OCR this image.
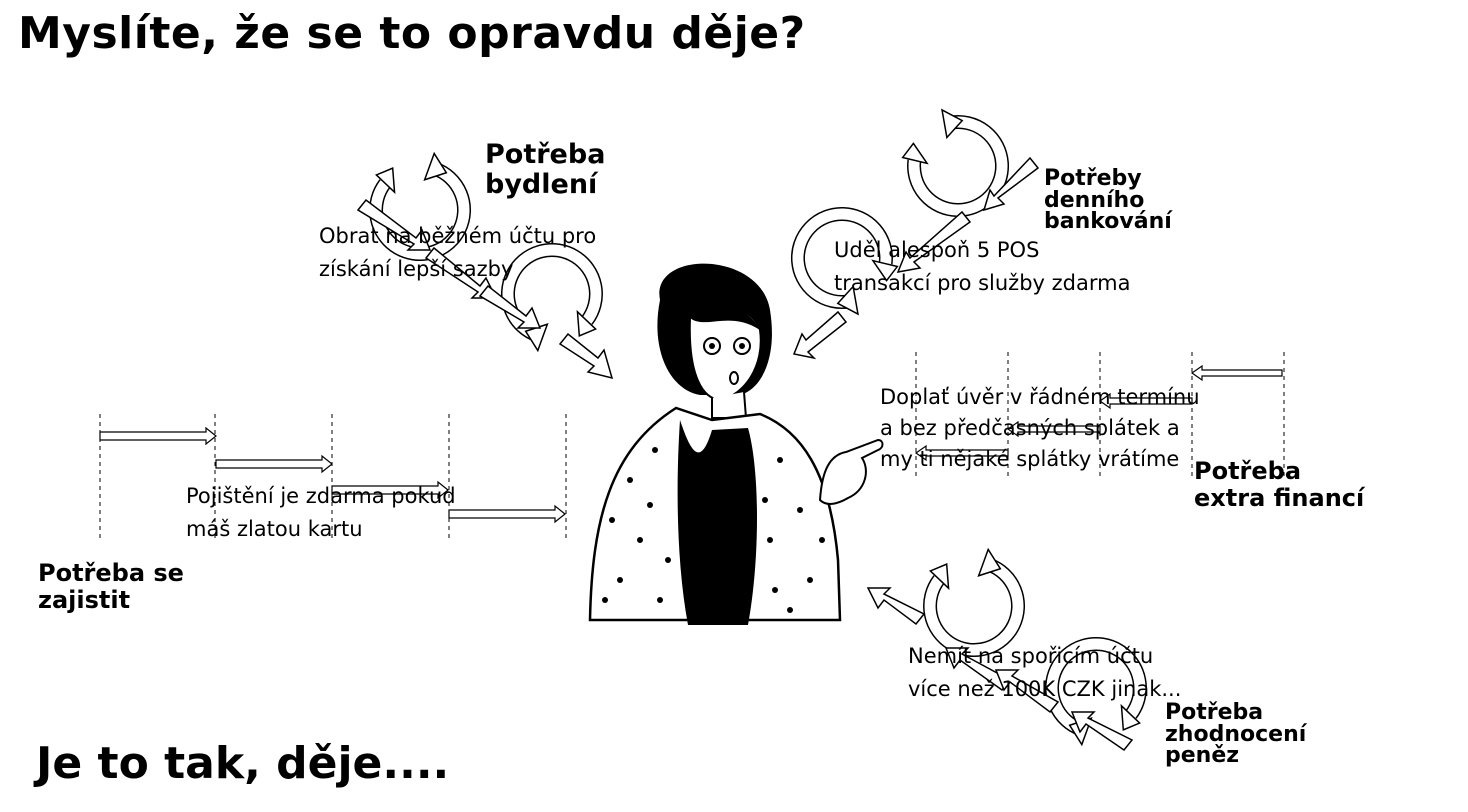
Myslíte, že se to opravdu děje?
Potřeba
bydlení
Obrat na běžném účtu pro
získání lepší sazby
Potřeby
denního
bankování
Uděl alespoň 5 POS
transakcí pro služby zdarma
Doplať úvěr v řádném termínu
a bez předčasných splátek a
my ti nějaké splátky vrátíme Potřeba
extra financí
Pojištění je zdarma pokud
máš zlatou kartu
Potřeba se
zajistit
Nemít na spořicím účtu
více než 100K CZK jinak...
Potřeba
zhodnocení
peněz
Je to tak, děje....
